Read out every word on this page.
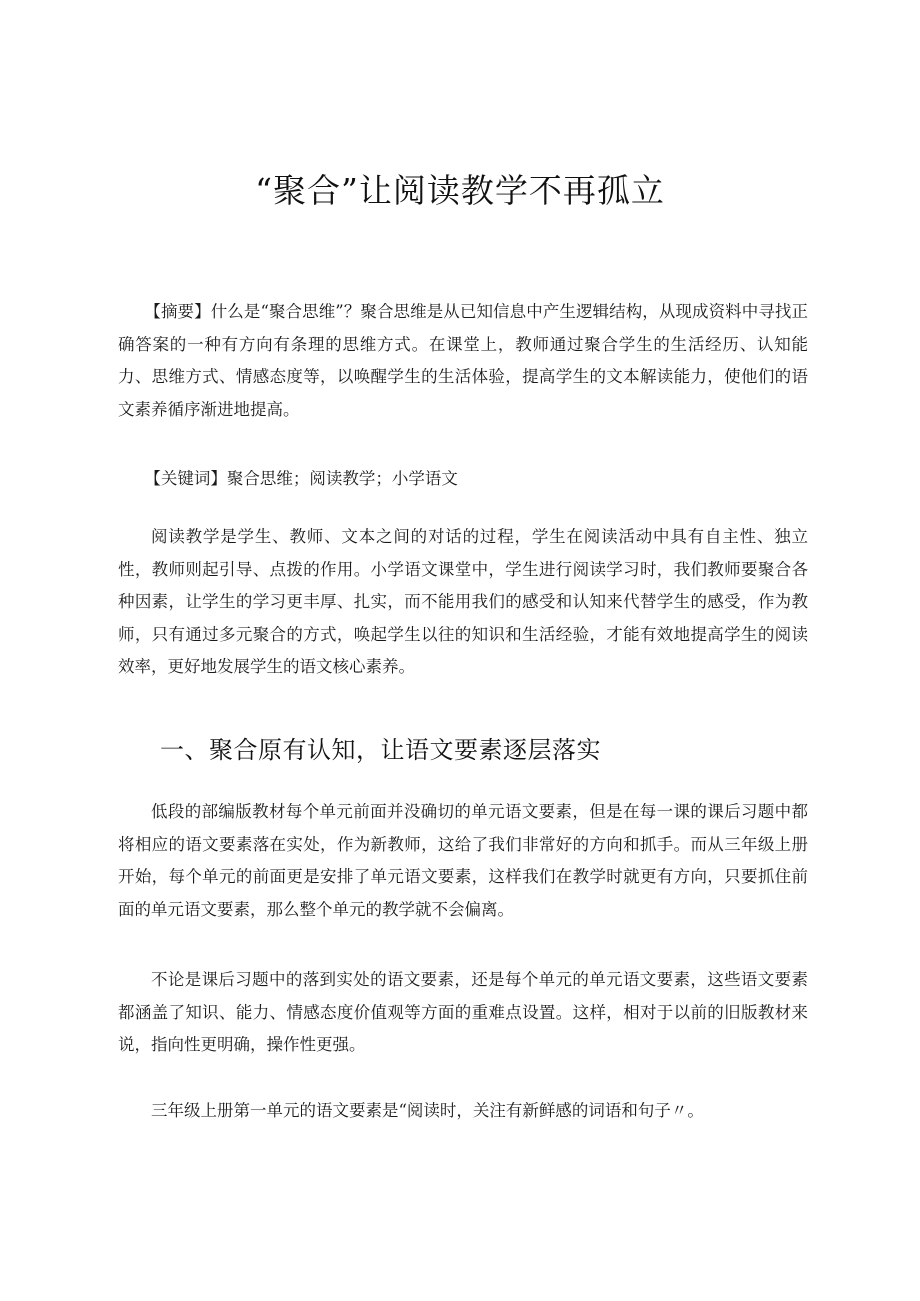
“聚合”让阅读教学不再孤立

【摘要】什么是“聚合思维”？聚合思维是从已知信息中产生逻辑结构，从现成资料中寻找正确答案的一种有方向有条理的思维方式。在课堂上，教师通过聚合学生的生活经历、认知能力、思维方式、情感态度等，以唤醒学生的生活体验，提高学生的文本解读能力，使他们的语文素养循序渐进地提高。

【关键词】聚合思维；阅读教学；小学语文

阅读教学是学生、教师、文本之间的对话的过程，学生在阅读活动中具有自主性、独立性，教师则起引导、点拨的作用。小学语文课堂中，学生进行阅读学习时，我们教师要聚合各种因素，让学生的学习更丰厚、扎实，而不能用我们的感受和认知来代替学生的感受，作为教师，只有通过多元聚合的方式，唤起学生以往的知识和生活经验，才能有效地提高学生的阅读效率，更好地发展学生的语文核心素养。

一、聚合原有认知，让语文要素逐层落实

低段的部编版教材每个单元前面并没确切的单元语文要素，但是在每一课的课后习题中都将相应的语文要素落在实处，作为新教师，这给了我们非常好的方向和抓手。而从三年级上册开始，每个单元的前面更是安排了单元语文要素，这样我们在教学时就更有方向，只要抓住前面的单元语文要素，那么整个单元的教学就不会偏离。

不论是课后习题中的落到实处的语文要素，还是每个单元的单元语文要素，这些语文要素都涵盖了知识、能力、情感态度价值观等方面的重难点设置。这样，相对于以前的旧版教材来说，指向性更明确，操作性更强。

三年级上册第一单元的语文要素是“阅读时，关注有新鲜感的词语和句子〃。
